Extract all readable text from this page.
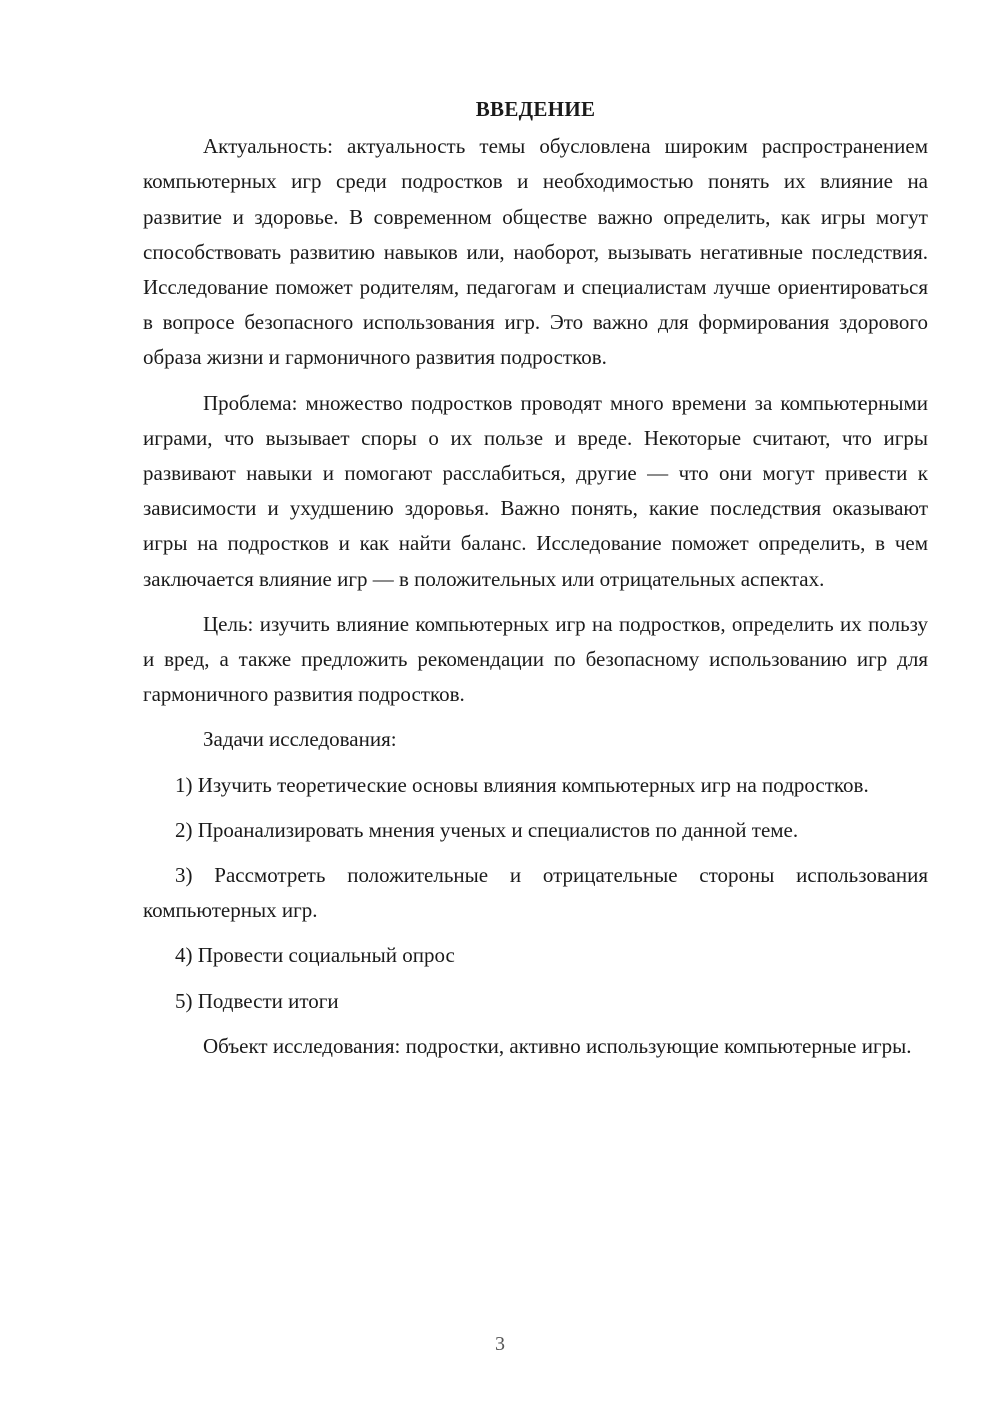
ВВЕДЕНИЕ

Актуальность: актуальность темы обусловлена широким распространением компьютерных игр среди подростков и необходимостью понять их влияние на развитие и здоровье. В современном обществе важно определить, как игры могут способствовать развитию навыков или, наоборот, вызывать негативные последствия. Исследование поможет родителям, педагогам и специалистам лучше ориентироваться в вопросе безопасного использования игр. Это важно для формирования здорового образа жизни и гармоничного развития подростков.

Проблема: множество подростков проводят много времени за компьютерными играми, что вызывает споры о их пользе и вреде. Некоторые считают, что игры развивают навыки и помогают расслабиться, другие — что они могут привести к зависимости и ухудшению здоровья. Важно понять, какие последствия оказывают игры на подростков и как найти баланс. Исследование поможет определить, в чем заключается влияние игр — в положительных или отрицательных аспектах.

Цель: изучить влияние компьютерных игр на подростков, определить их пользу и вред, а также предложить рекомендации по безопасному использованию игр для гармоничного развития подростков.

Задачи исследования:

1) Изучить теоретические основы влияния компьютерных игр на подростков.

2) Проанализировать мнения ученых и специалистов по данной теме.

3) Рассмотреть положительные и отрицательные стороны использования компьютерных игр.

4) Провести социальный опрос

5) Подвести итоги

Объект исследования: подростки, активно использующие компьютерные игры.

3
